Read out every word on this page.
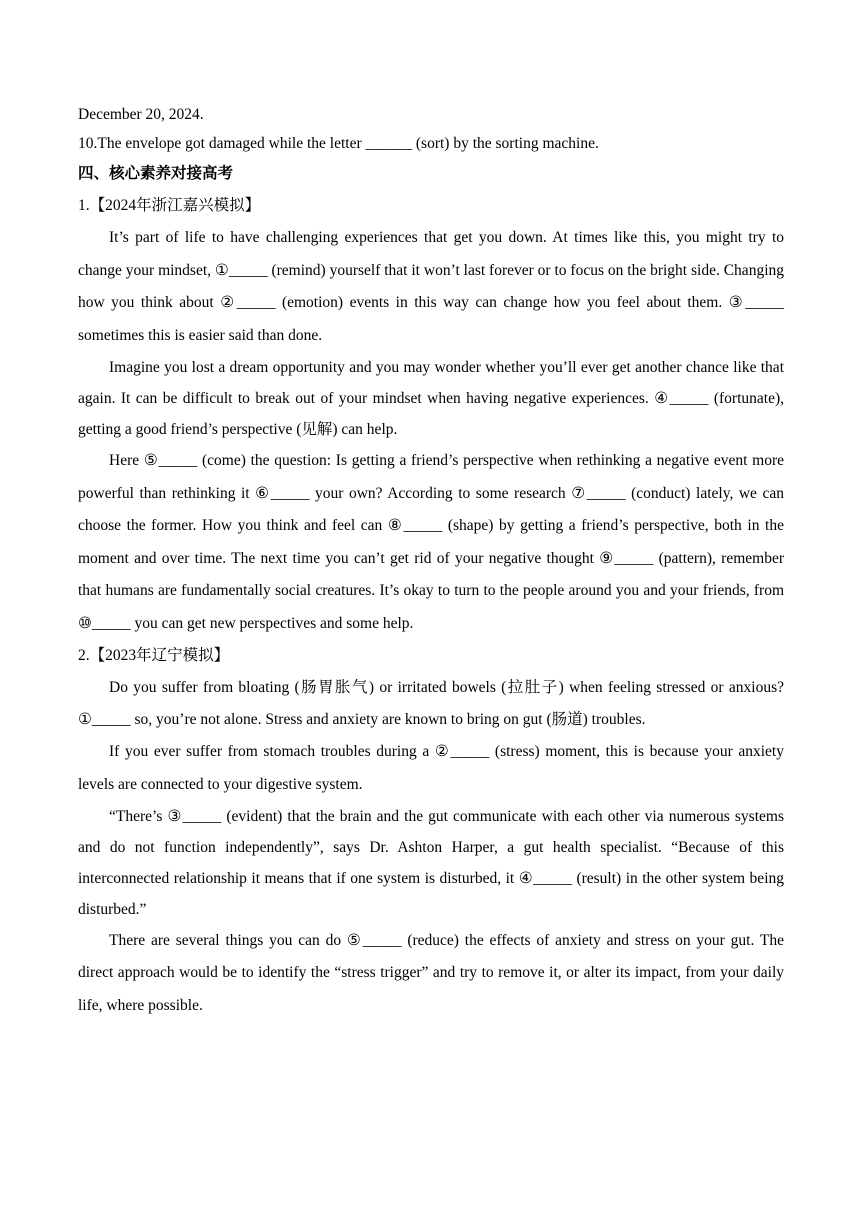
December 20, 2024.

10.The envelope got damaged while the letter ______ (sort) by the sorting machine.

四、核心素养对接高考

1.【2024年浙江嘉兴模拟】

It’s part of life to have challenging experiences that get you down. At times like this, you might try to change your mindset, ①_____ (remind) yourself that it won’t last forever or to focus on the bright side. Changing how you think about ②_____ (emotion) events in this way can change how you feel about them. ③_____ sometimes this is easier said than done.

Imagine you lost a dream opportunity and you may wonder whether you’ll ever get another chance like that again. It can be difficult to break out of your mindset when having negative experiences. ④_____ (fortunate), getting a good friend’s perspective (见解) can help.

Here ⑤_____ (come) the question: Is getting a friend’s perspective when rethinking a negative event more powerful than rethinking it ⑥_____ your own? According to some research ⑦_____ (conduct) lately, we can choose the former. How you think and feel can ⑧_____ (shape) by getting a friend’s perspective, both in the moment and over time. The next time you can’t get rid of your negative thought ⑨_____ (pattern), remember that humans are fundamentally social creatures. It’s okay to turn to the people around you and your friends, from ⑩_____ you can get new perspectives and some help.

2.【2023年辽宁模拟】

Do you suffer from bloating (肠胃胀气) or irritated bowels (拉肚子) when feeling stressed or anxious? ①_____ so, you’re not alone. Stress and anxiety are known to bring on gut (肠道) troubles.

If you ever suffer from stomach troubles during a ②_____ (stress) moment, this is because your anxiety levels are connected to your digestive system.

“There’s ③_____ (evident) that the brain and the gut communicate with each other via numerous systems and do not function independently”, says Dr. Ashton Harper, a gut health specialist. “Because of this interconnected relationship it means that if one system is disturbed, it ④_____ (result) in the other system being disturbed.”

There are several things you can do ⑤_____ (reduce) the effects of anxiety and stress on your gut. The direct approach would be to identify the “stress trigger” and try to remove it, or alter its impact, from your daily life, where possible.
